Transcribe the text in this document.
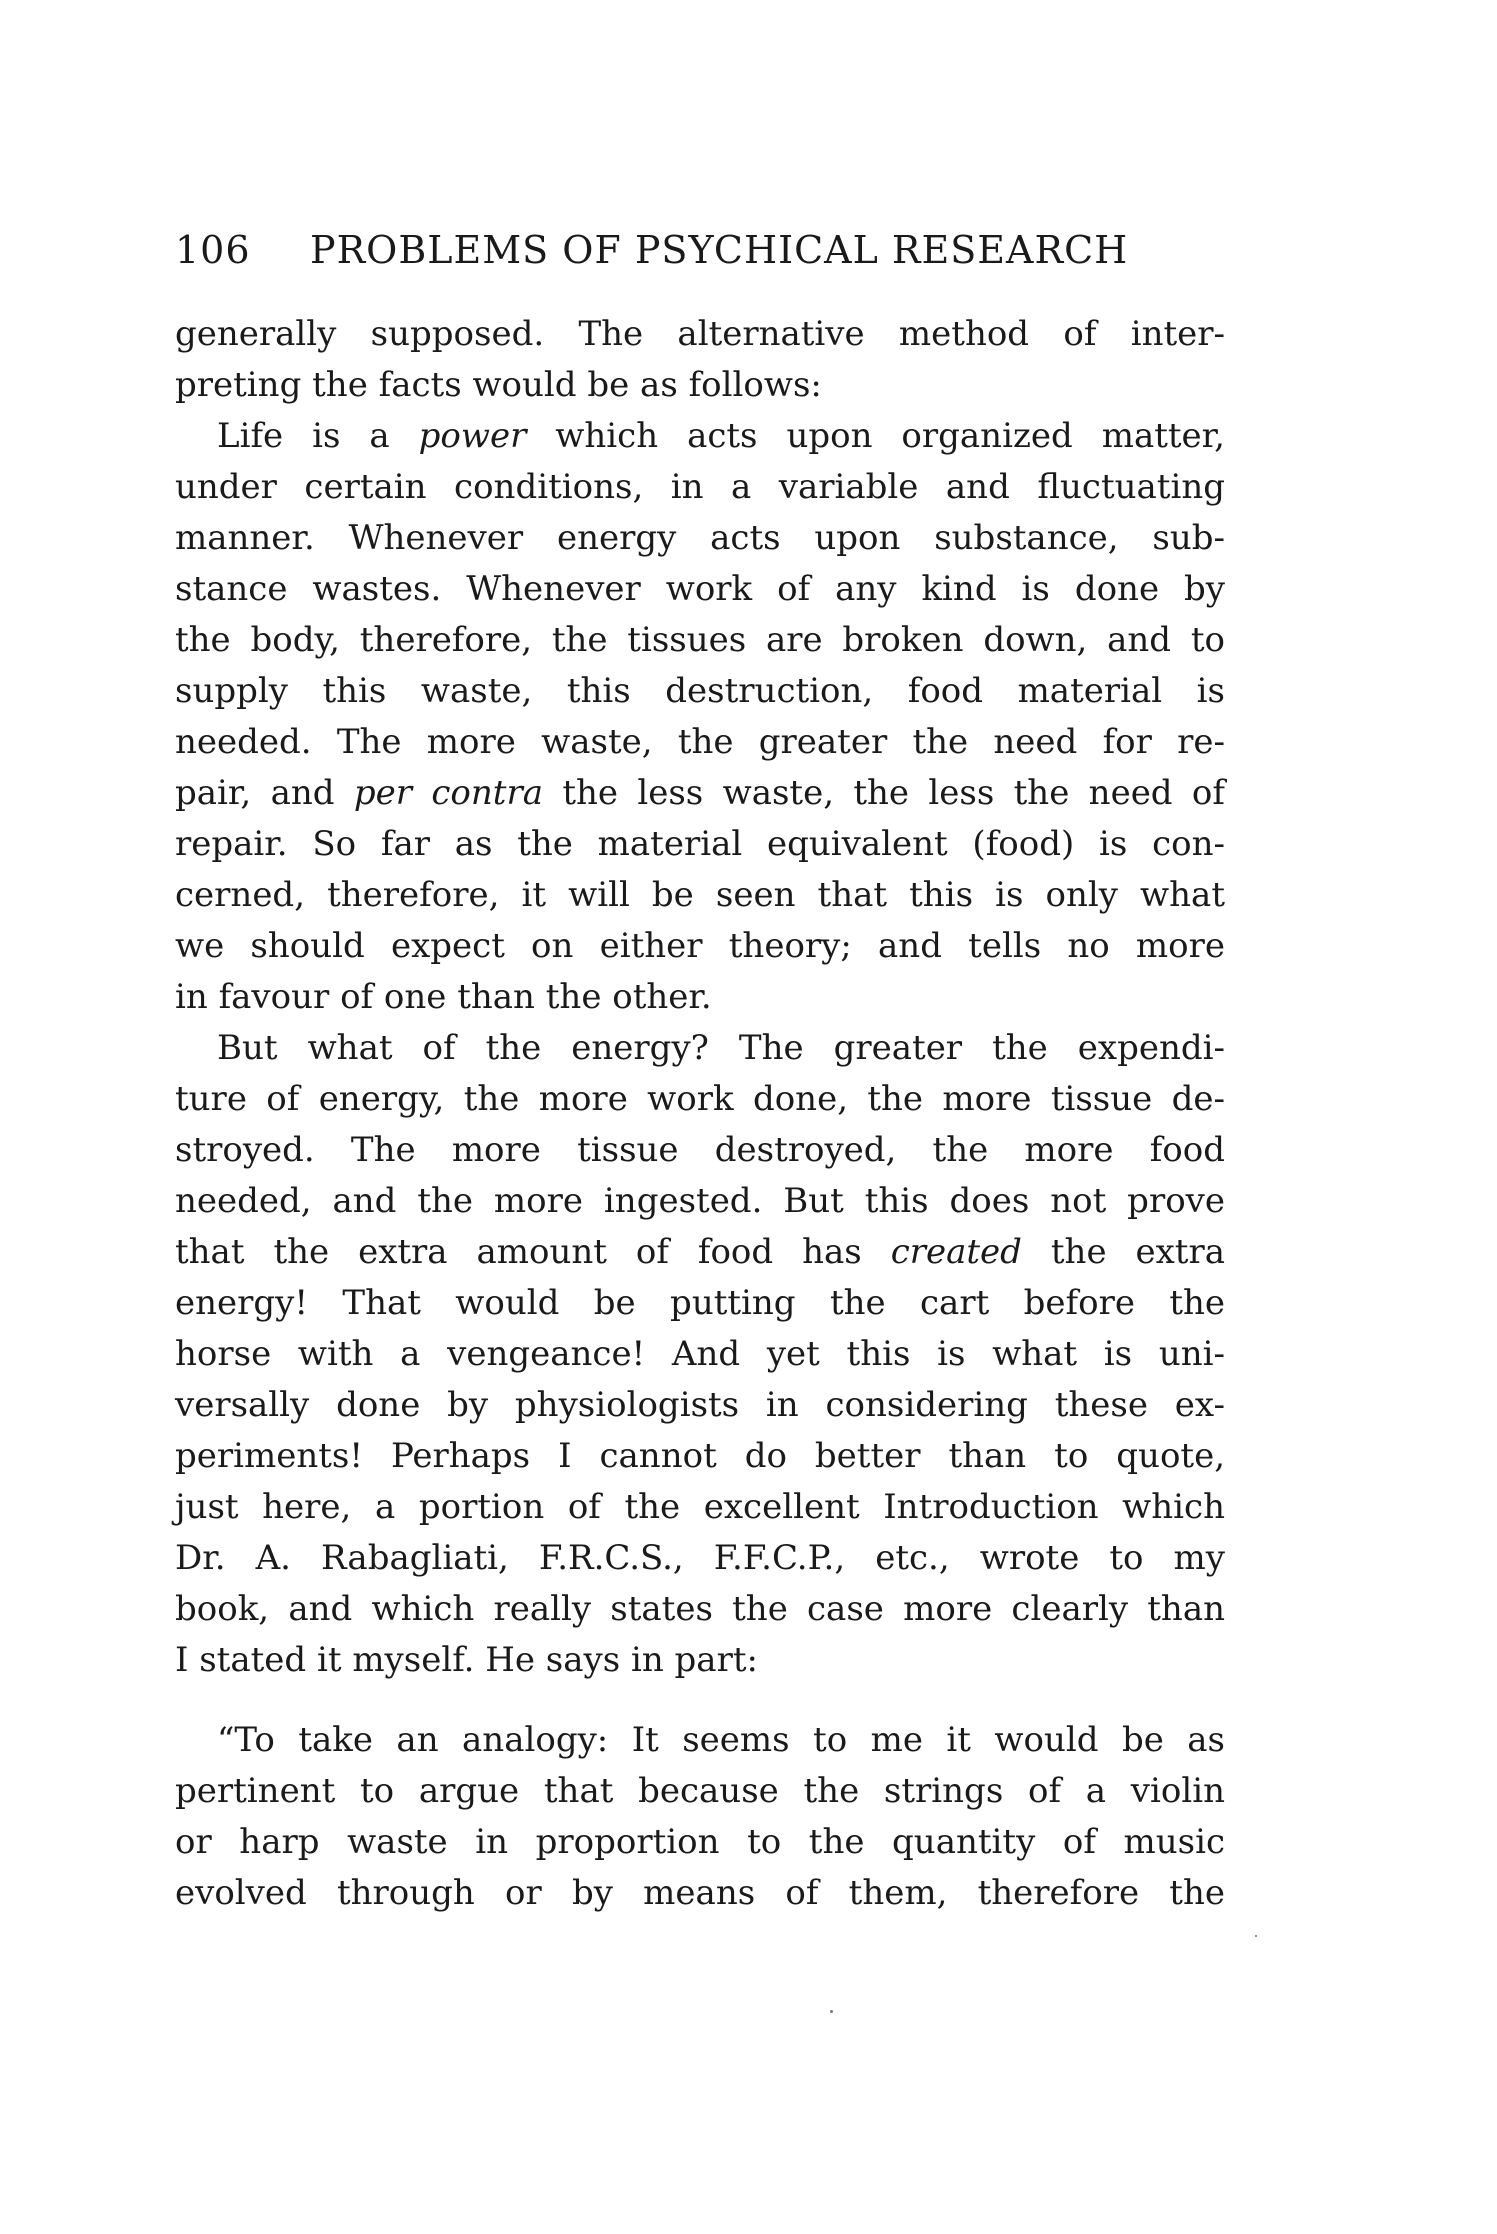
106 PROBLEMS OF PSYCHICAL RESEARCH
generally supposed. The alternative method of inter-
preting the facts would be as follows:
Life is a power which acts upon organized matter,
under certain conditions, in a variable and fluctuating
manner. Whenever energy acts upon substance, sub-
stance wastes. Whenever work of any kind is done by
the body, therefore, the tissues are broken down, and to
supply this waste, this destruction, food material is
needed. The more waste, the greater the need for re-
pair, and per contra the less waste, the less the need of
repair. So far as the material equivalent (food) is con-
cerned, therefore, it will be seen that this is only what
we should expect on either theory; and tells no more
in favour of one than the other.
But what of the energy? The greater the expendi-
ture of energy, the more work done, the more tissue de-
stroyed. The more tissue destroyed, the more food
needed, and the more ingested. But this does not prove
that the extra amount of food has created the extra
energy! That would be putting the cart before the
horse with a vengeance! And yet this is what is uni-
versally done by physiologists in considering these ex-
periments! Perhaps I cannot do better than to quote,
just here, a portion of the excellent Introduction which
Dr. A. Rabagliati, F.R.C.S., F.F.C.P., etc., wrote to my
book, and which really states the case more clearly than
I stated it myself. He says in part:
“To take an analogy: It seems to me it would be as
pertinent to argue that because the strings of a violin
or harp waste in proportion to the quantity of music
evolved through or by means of them, therefore the
